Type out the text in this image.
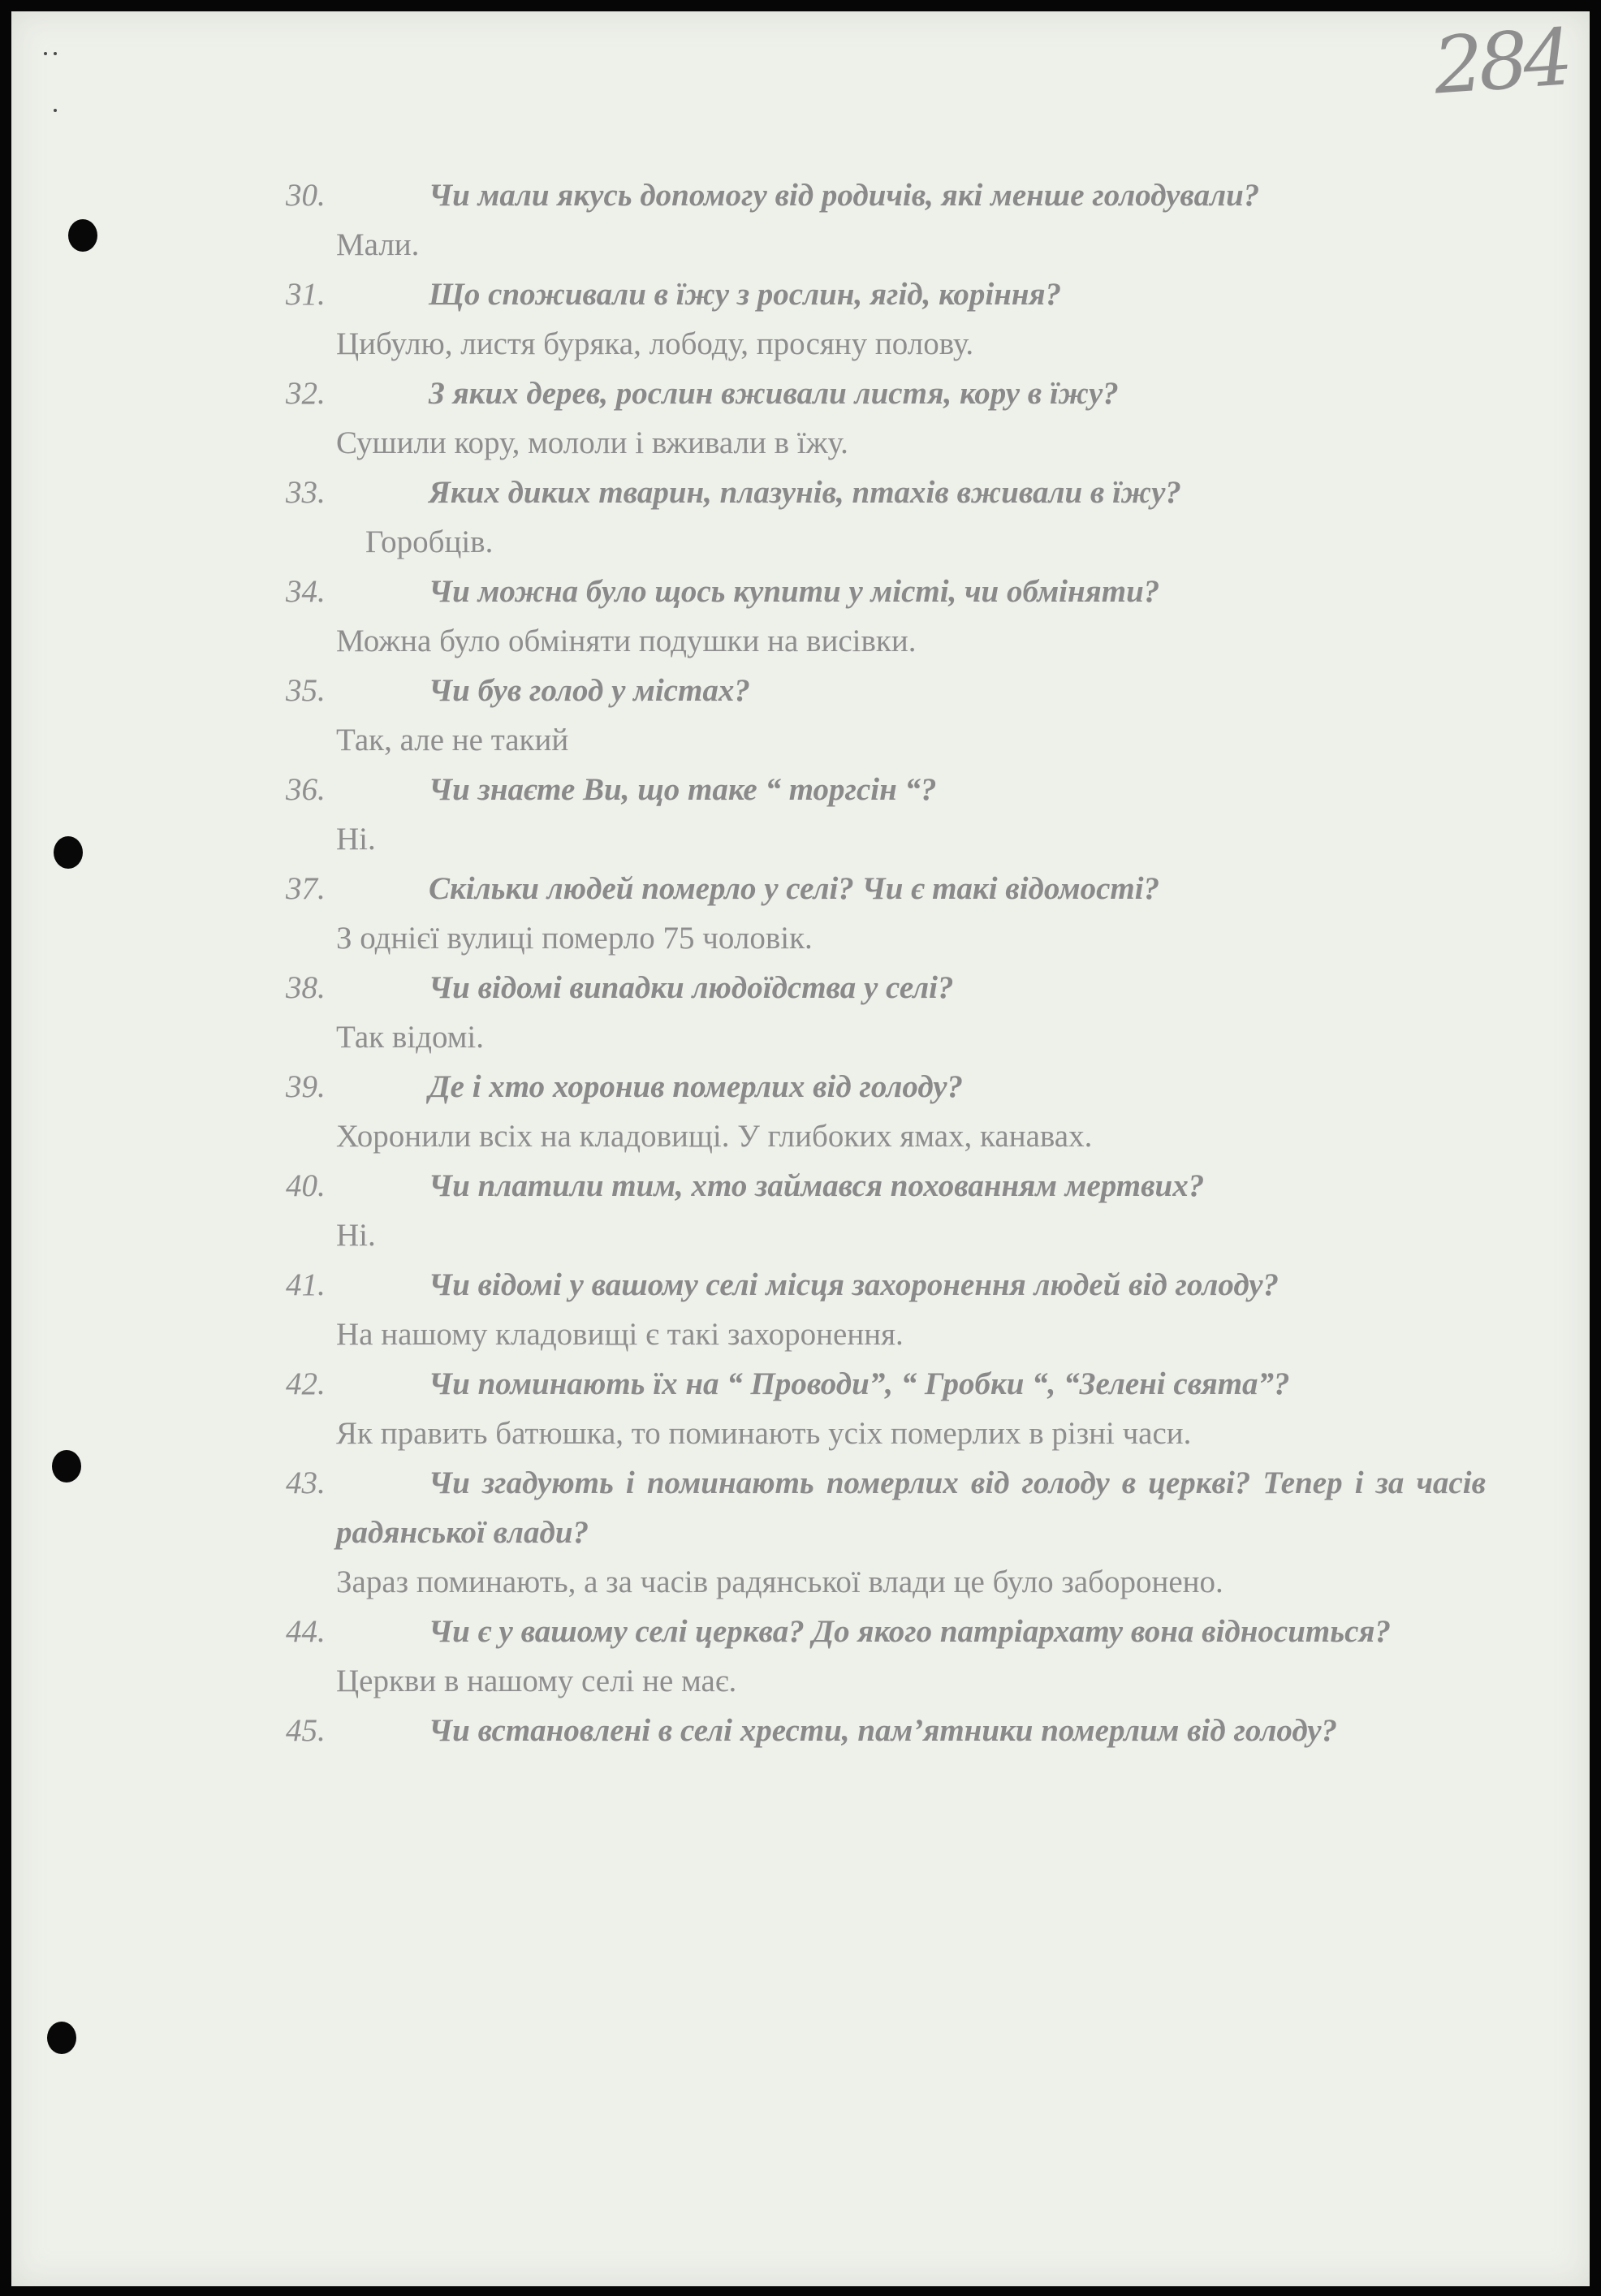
284
30.	Чи мали якусь допомогу від родичів, які менше голодували?
Мали.
31.	Що споживали в їжу з рослин, ягід, коріння?
Цибулю, листя буряка, лободу, просяну полову.
32.	З яких дерев, рослин вживали листя, кору в їжу?
Сушили кору, мололи і вживали в їжу.
33.	Яких диких тварин, плазунів, птахів вживали в їжу?
Горобців.
34.	Чи можна було щось купити у місті, чи обміняти?
Можна було обміняти подушки на висівки.
35.	Чи був голод у містах?
Так, але не такий
36.	Чи знаєте Ви, що таке “ торгсін “?
Ні.
37.	Скільки людей померло у селі? Чи є такі відомості?
З однієї вулиці померло 75 чоловік.
38.	Чи відомі випадки людоїдства у селі?
Так відомі.
39.	Де і хто хоронив померлих від голоду?
Хоронили всіх на кладовищі. У глибоких ямах, канавах.
40.	Чи платили тим, хто займався похованням мертвих?
Ні.
41.	Чи відомі у вашому селі місця захоронення людей від голоду?
На нашому кладовищі є такі захоронення.
42.	Чи поминають їх на “ Проводи”, “ Гробки “, “Зелені свята”?
Як править батюшка, то поминають усіх померлих в різні часи.
43.	Чи згадують і поминають померлих від голоду в церкві? Тепер і за часів радянської влади?
Зараз поминають, а за часів радянської влади це було заборонено.
44.	Чи є у вашому селі церква? До якого патріархату вона відноситься?
Церкви в нашому селі не має.
45.	Чи встановлені в селі хрести, пам’ятники померлим від голоду?
